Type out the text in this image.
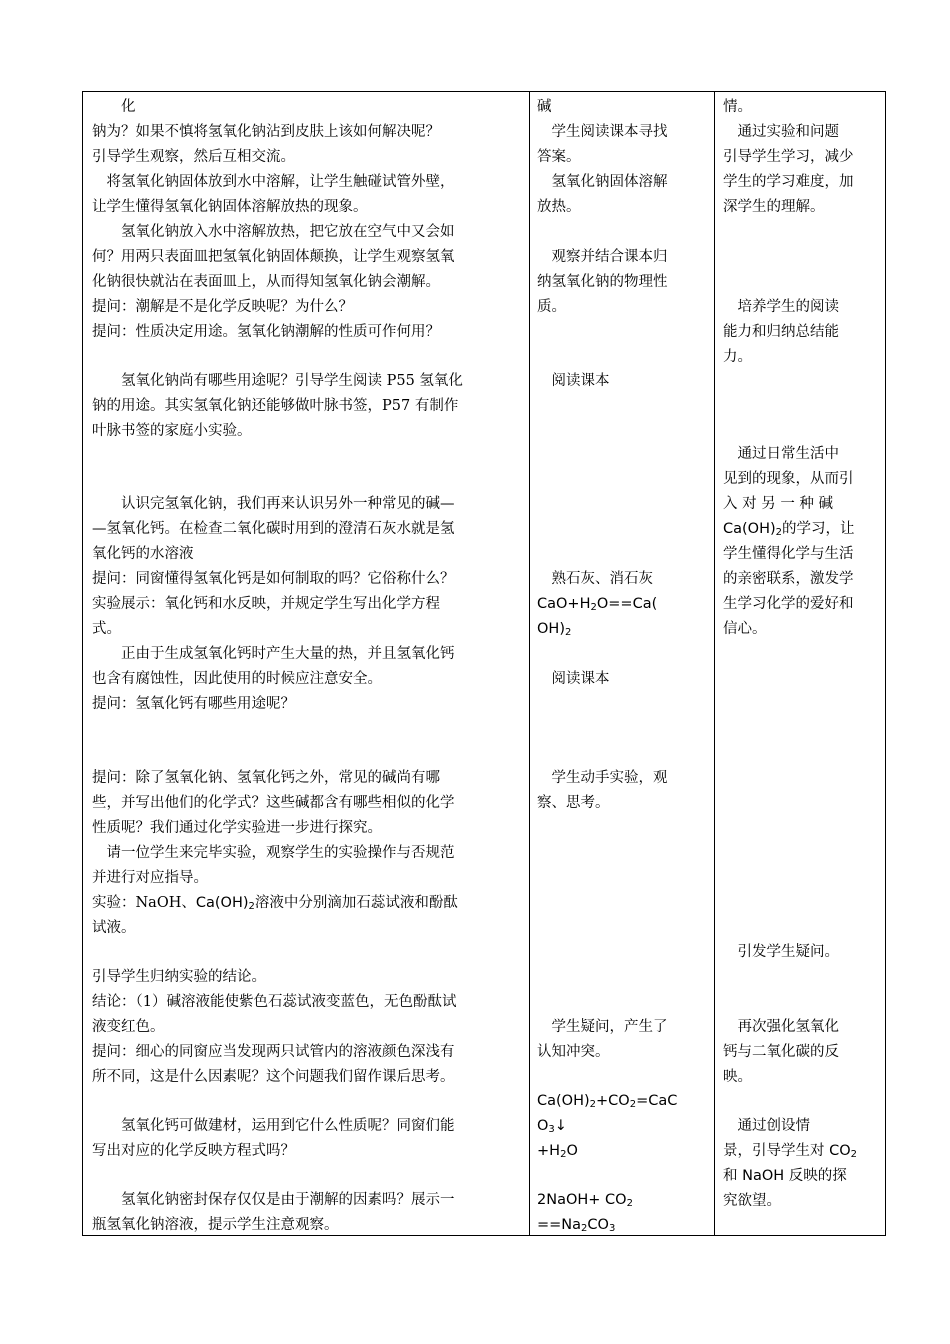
　　化
钠为？如果不慎将氢氧化钠沾到皮肤上该如何解决呢？
引导学生观察，然后互相交流。
　将氢氧化钠固体放到水中溶解，让学生触碰试管外壁，
让学生懂得氢氧化钠固体溶解放热的现象。
　　氢氧化钠放入水中溶解放热，把它放在空气中又会如
何？用两只表面皿把氢氧化钠固体颠换，让学生观察氢氧
化钠很快就沾在表面皿上，从而得知氢氧化钠会潮解。
提问：潮解是不是化学反映呢？为什么？
提问：性质决定用途。氢氧化钠潮解的性质可作何用？
　　氢氧化钠尚有哪些用途呢？引导学生阅读 P55 氢氧化
钠的用途。其实氢氧化钠还能够做叶脉书签，P57 有制作
叶脉书签的家庭小实验。
　　认识完氢氧化钠，我们再来认识另外一种常见的碱—
—氢氧化钙。在检查二氧化碳时用到的澄清石灰水就是氢
氧化钙的水溶液
提问：同窗懂得氢氧化钙是如何制取的吗？它俗称什么？
实验展示：氧化钙和水反映，并规定学生写出化学方程
式。
　　正由于生成氢氧化钙时产生大量的热，并且氢氧化钙
也含有腐蚀性，因此使用的时候应注意安全。
提问：氢氧化钙有哪些用途呢？
提问：除了氢氧化钠、氢氧化钙之外，常见的碱尚有哪
些，并写出他们的化学式？这些碱都含有哪些相似的化学
性质呢？我们通过化学实验进一步进行探究。
　请一位学生来完毕实验，观察学生的实验操作与否规范
并进行对应指导。
实验：NaOH、$Ca(OH)_2$溶液中分别滴加石蕊试液和酚酞
试液。
引导学生归纳实验的结论。
结论：（1）碱溶液能使紫色石蕊试液变蓝色，无色酚酞试
液变红色。
提问：细心的同窗应当发现两只试管内的溶液颜色深浅有
所不同，这是什么因素呢？这个问题我们留作课后思考。
　　氢氧化钙可做建材，运用到它什么性质呢？同窗们能
写出对应的化学反映方程式吗？
　　氢氧化钠密封保存仅仅是由于潮解的因素吗？展示一
瓶氢氧化钠溶液，提示学生注意观察。
碱
　学生阅读课本寻找
答案。
　氢氧化钠固体溶解
放热。
　观察并结合课本归
纳氢氧化钠的物理性
质。
　阅读课本
　熟石灰、消石灰
$CaO+H_2O==Ca$(
$OH)_2$
　阅读课本
　学生动手实验，观
察、思考。
　学生疑问，产生了
认知冲突。
$Ca(OH)_2+CO_2=CaC$
$O_3↓$
$+H_2O$
2NaOH+ $CO_2$
$==Na_2CO_3$
情。
　通过实验和问题
引导学生学习，减少
学生的学习难度，加
深学生的理解。
　培养学生的阅读
能力和归纳总结能
力。
　通过日常生活中
见到的现象，从而引
入 对 另 一 种 碱
$Ca(OH)_2$的学习，让
学生懂得化学与生活
的亲密联系，激发学
生学习化学的爱好和
信心。
　引发学生疑问。
　再次强化氢氧化
钙与二氧化碳的反
映。
　通过创设情
景，引导学生对 $CO_2$
和 NaOH 反映的探
究欲望。
